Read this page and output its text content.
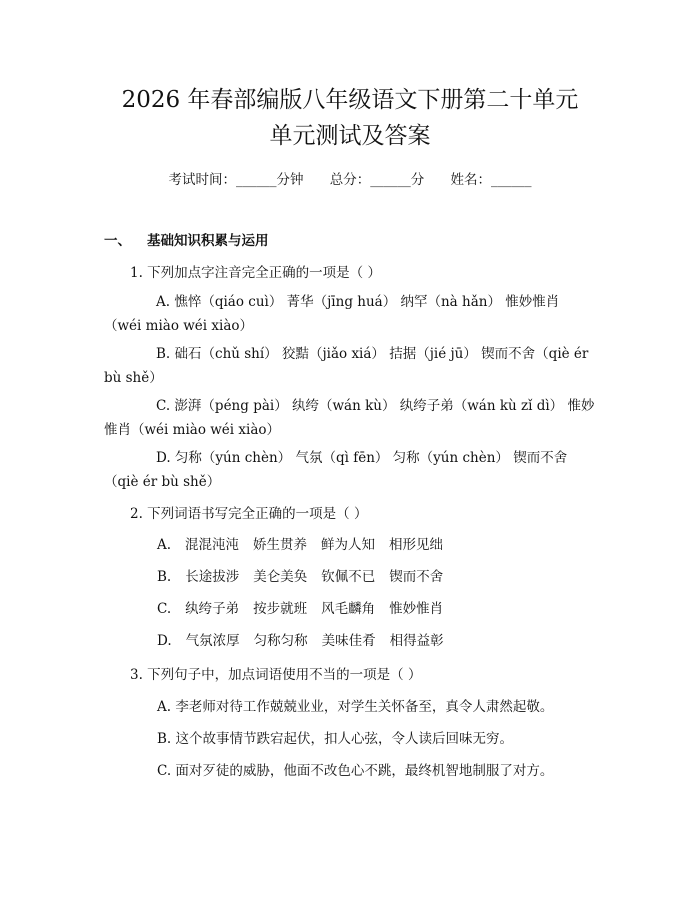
2026 年春部编版八年级语文下册第二十单元
单元测试及答案
考试时间：______分钟 总分：______分 姓名：______
一、 基础知识积累与运用
1. 下列加点字注音完全正确的一项是（ ）
A. 憔悴（qiáo cuì） 菁华（jīng huá） 纳罕（nà hǎn） 惟妙惟肖（wéi miào wéi xiào）
B. 础石（chǔ shí） 狡黠（jiǎo xiá） 拮据（jié jū） 锲而不舍（qiè ér bù shě）
C. 澎湃（péng pài） 纨绔（wán kù） 纨绔子弟（wán kù zǐ dì） 惟妙惟肖（wéi miào wéi xiào）
D. 匀称（yún chèn） 气氛（qì fēn） 匀称（yún chèn） 锲而不舍（qiè ér bù shě）
2. 下列词语书写完全正确的一项是（ ）
A. 混混沌沌 娇生贯养 鲜为人知 相形见绌
B. 长途拔涉 美仑美奂 钦佩不已 锲而不舍
C. 纨绔子弟 按步就班 风毛麟角 惟妙惟肖
D. 气氛浓厚 匀称匀称 美味佳肴 相得益彰
3. 下列句子中，加点词语使用不当的一项是（ ）
A. 李老师对待工作兢兢业业，对学生关怀备至，真令人肃然起敬。
B. 这个故事情节跌宕起伏，扣人心弦，令人读后回味无穷。
C. 面对歹徒的威胁，他面不改色心不跳，最终机智地制服了对方。
